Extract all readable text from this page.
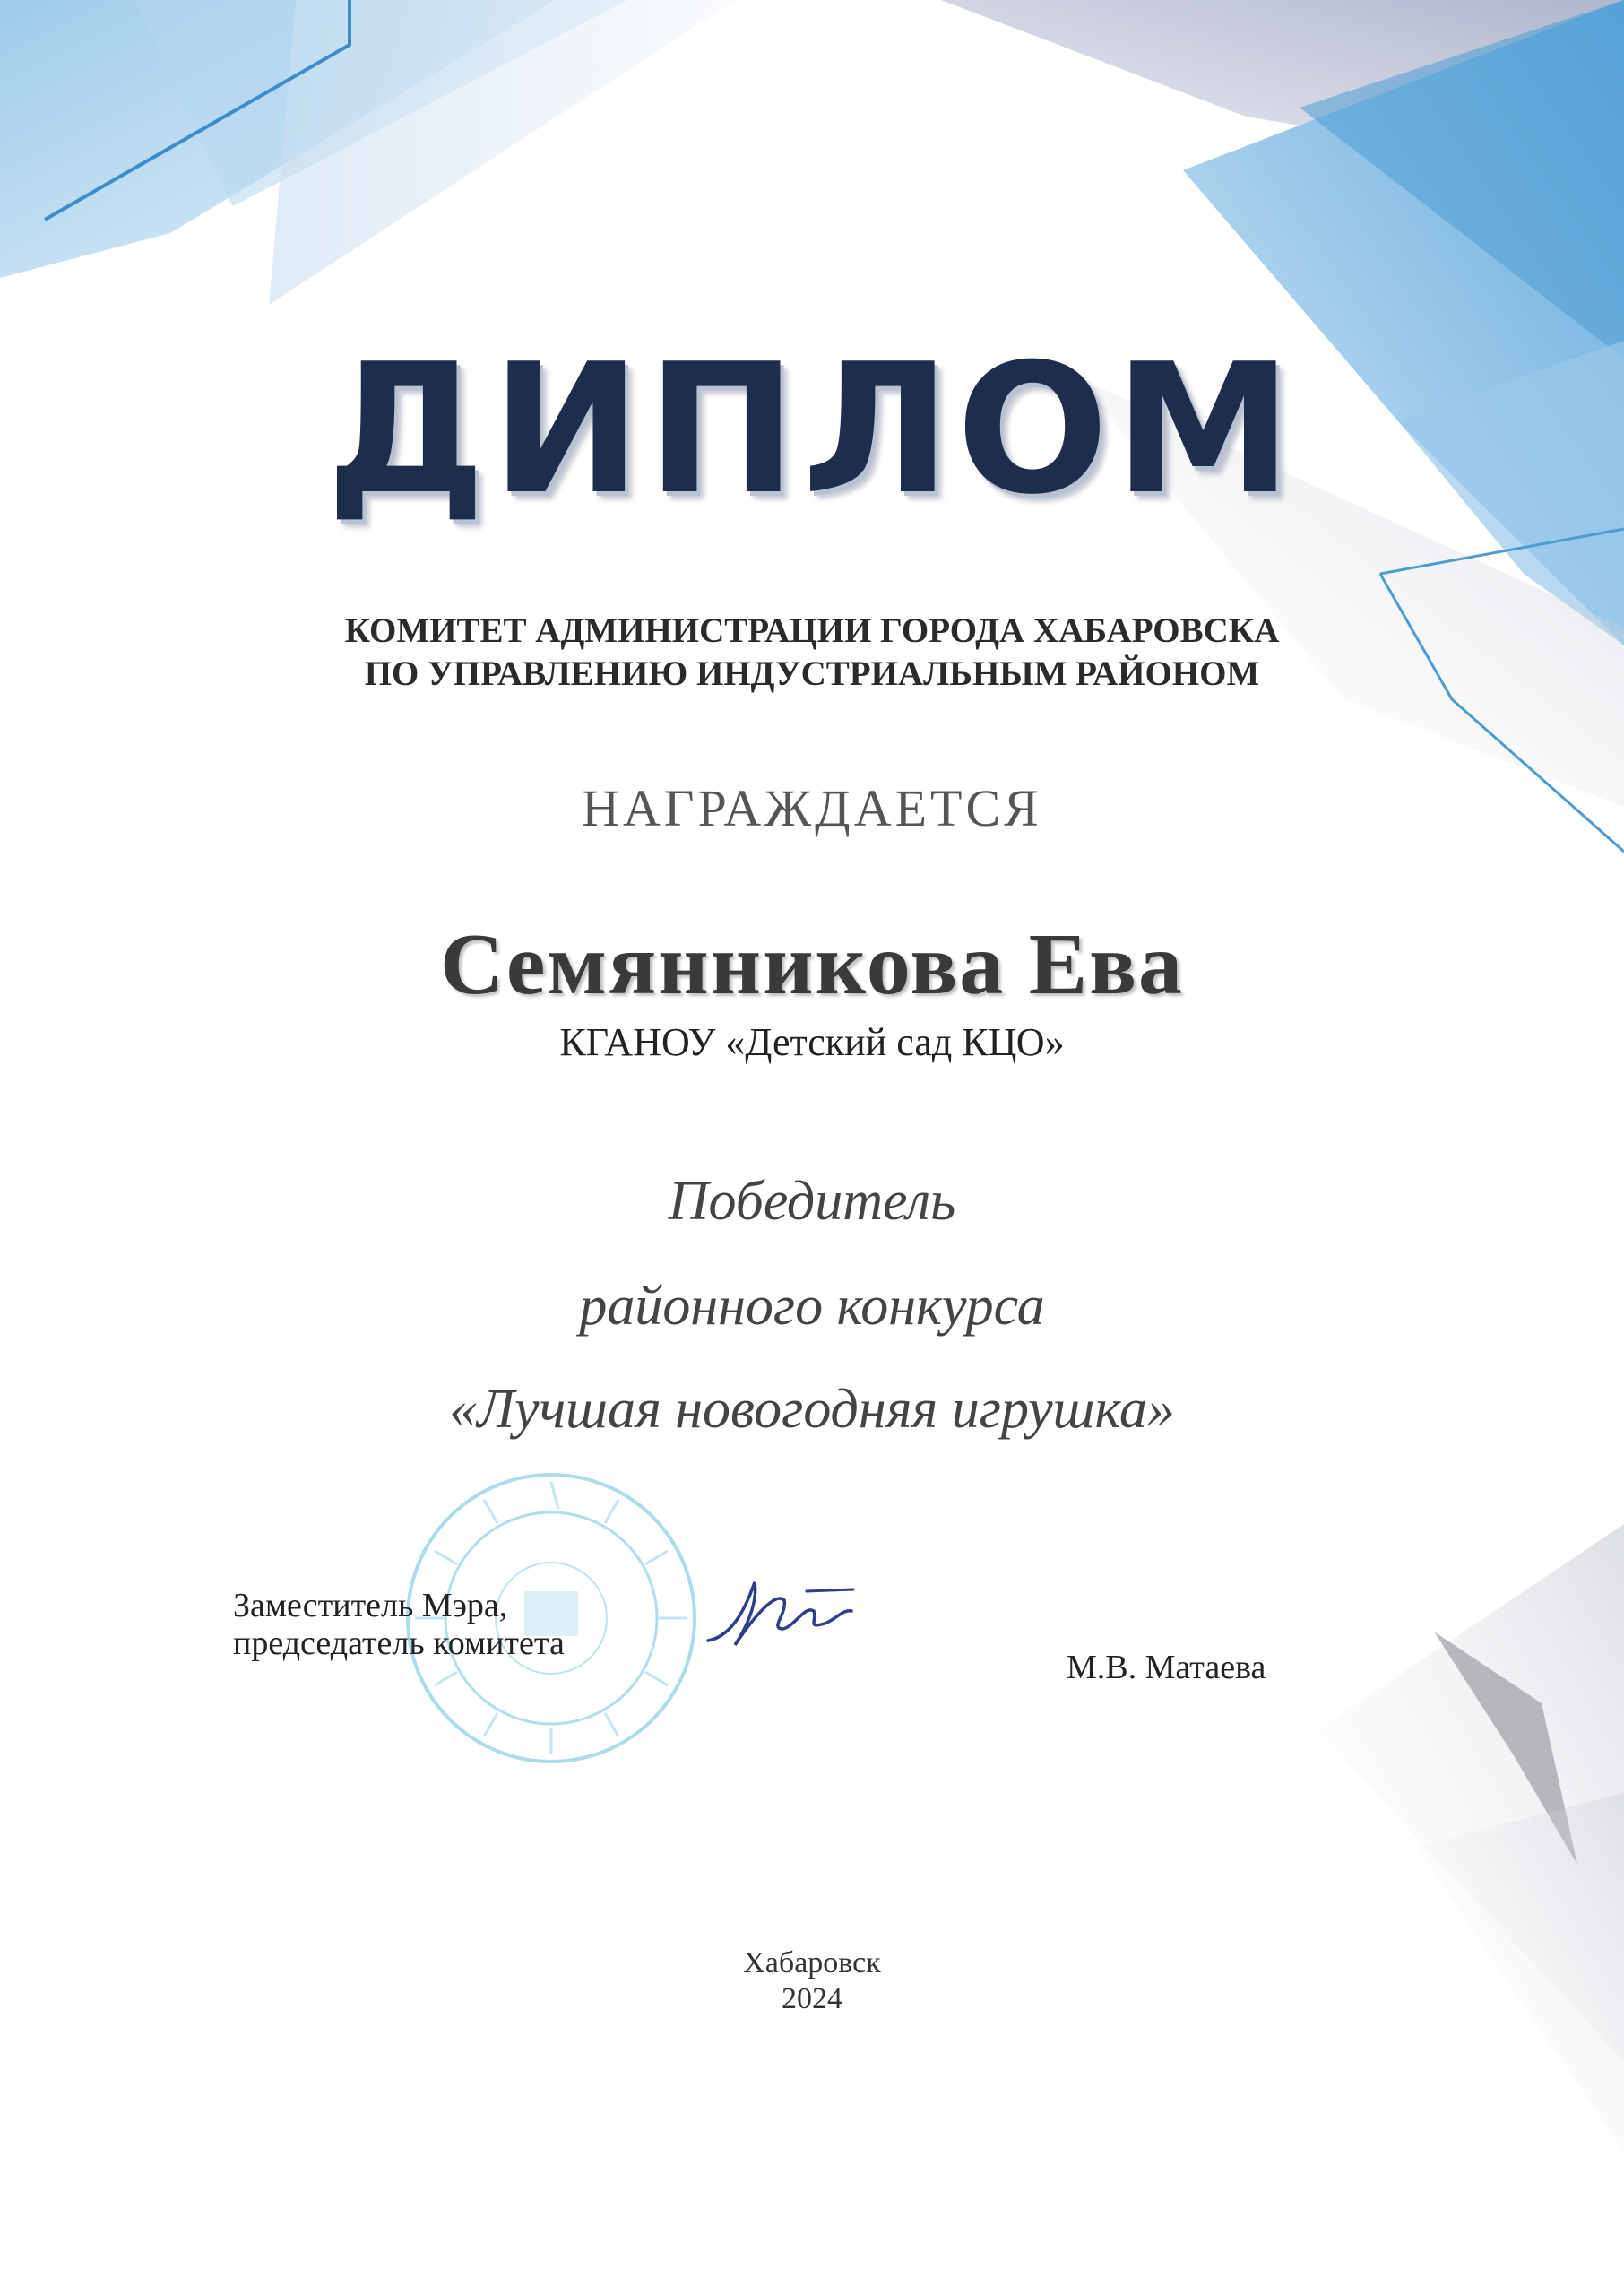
ДИПЛОМ
КОМИТЕТ АДМИНИСТРАЦИИ ГОРОДА ХАБАРОВСКА
ПО УПРАВЛЕНИЮ ИНДУСТРИАЛЬНЫМ РАЙОНОМ
НАГРАЖДАЕТСЯ
Семянникова Ева
КГАНОУ «Детский сад КЦО»
Победитель
районного конкурса
«Лучшая новогодняя игрушка»
Заместитель Мэра,
председатель комитета
М.В. Матаева
Хабаровск
2024
